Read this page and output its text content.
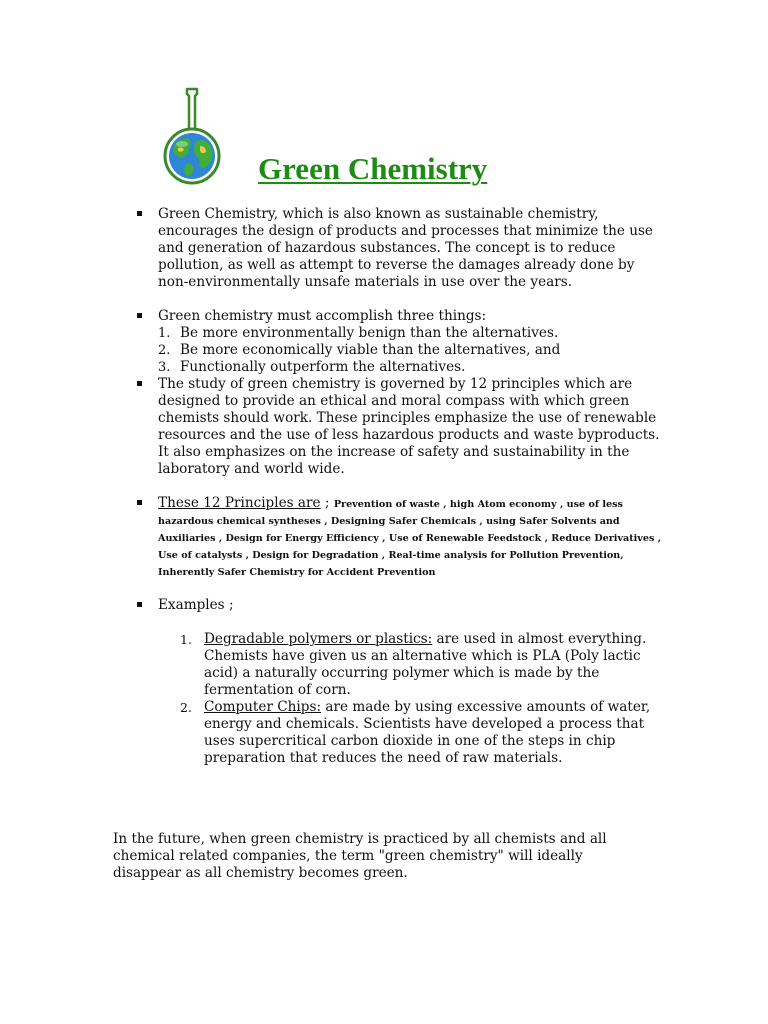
Green Chemistry

Green Chemistry, which is also known as sustainable chemistry, encourages the design of products and processes that minimize the use and generation of hazardous substances. The concept is to reduce pollution, as well as attempt to reverse the damages already done by non-environmentally unsafe materials in use over the years.

Green chemistry must accomplish three things:

1. Be more environmentally benign than the alternatives.
2. Be more economically viable than the alternatives, and
3. Functionally outperform the alternatives.

The study of green chemistry is governed by 12 principles which are designed to provide an ethical and moral compass with which green chemists should work. These principles emphasize the use of renewable resources and the use of less hazardous products and waste byproducts. It also emphasizes on the increase of safety and sustainability in the laboratory and world wide.

These 12 Principles are ; Prevention of waste , high Atom economy , use of less hazardous chemical syntheses , Designing Safer Chemicals , using Safer Solvents and Auxiliaries , Design for Energy Efficiency , Use of Renewable Feedstock , Reduce Derivatives , Use of catalysts , Design for Degradation , Real-time analysis for Pollution Prevention, Inherently Safer Chemistry for Accident Prevention

Examples ;

1. Degradable polymers or plastics: are used in almost everything. Chemists have given us an alternative which is PLA (Poly lactic acid) a naturally occurring polymer which is made by the fermentation of corn.
2. Computer Chips: are made by using excessive amounts of water, energy and chemicals. Scientists have developed a process that uses supercritical carbon dioxide in one of the steps in chip preparation that reduces the need of raw materials.

In the future, when green chemistry is practiced by all chemists and all chemical related companies, the term "green chemistry" will ideally disappear as all chemistry becomes green.
